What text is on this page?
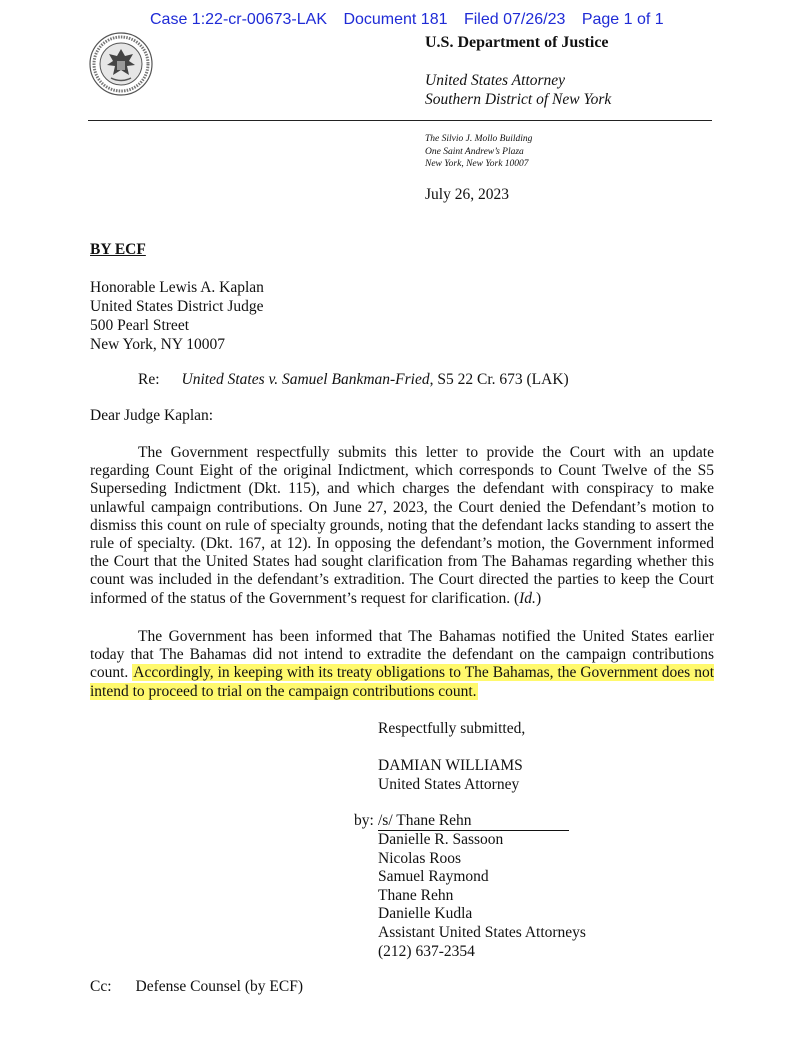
Case 1:22-cr-00673-LAK Document 181 Filed 07/26/23 Page 1 of 1
U.S. Department of Justice
United States Attorney
Southern District of New York
The Silvio J. Mollo Building
One Saint Andrew’s Plaza
New York, New York 10007
July 26, 2023
BY ECF
Honorable Lewis A. Kaplan
United States District Judge
500 Pearl Street
New York, NY 10007
Re: United States v. Samuel Bankman-Fried, S5 22 Cr. 673 (LAK)
Dear Judge Kaplan:

The Government respectfully submits this letter to provide the Court with an update regarding Count Eight of the original Indictment, which corresponds to Count Twelve of the S5 Superseding Indictment (Dkt. 115), and which charges the defendant with conspiracy to make unlawful campaign contributions. On June 27, 2023, the Court denied the Defendant’s motion to dismiss this count on rule of specialty grounds, noting that the defendant lacks standing to assert the rule of specialty. (Dkt. 167, at 12). In opposing the defendant’s motion, the Government informed the Court that the United States had sought clarification from The Bahamas regarding whether this count was included in the defendant’s extradition. The Court directed the parties to keep the Court informed of the status of the Government’s request for clarification. (Id.)

The Government has been informed that The Bahamas notified the United States earlier today that The Bahamas did not intend to extradite the defendant on the campaign contributions count. Accordingly, in keeping with its treaty obligations to The Bahamas, the Government does not intend to proceed to trial on the campaign contributions count.

Respectfully submitted,
DAMIAN WILLIAMS
United States Attorney
by: /s/ Thane Rehn
Danielle R. Sassoon
Nicolas Roos
Samuel Raymond
Thane Rehn
Danielle Kudla
Assistant United States Attorneys
(212) 637-2354
Cc: Defense Counsel (by ECF)
